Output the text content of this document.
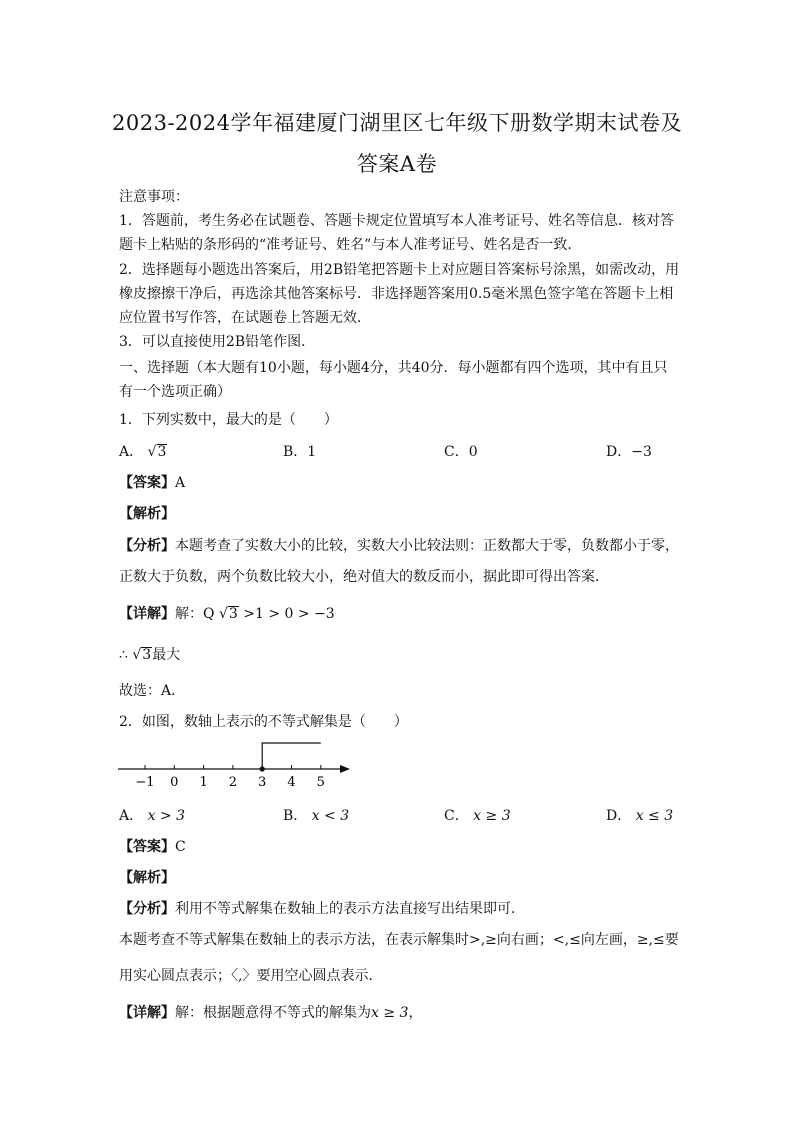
2023-2024学年福建厦门湖里区七年级下册数学期末试卷及
答案A卷
注意事项：
1．答题前，考生务必在试题卷、答题卡规定位置填写本人准考证号、姓名等信息．核对答
题卡上粘贴的条形码的“准考证号、姓名”与本人准考证号、姓名是否一致．
2．选择题每小题选出答案后，用2B铅笔把答题卡上对应题目答案标号涂黑，如需改动，用
橡皮擦擦干净后，再选涂其他答案标号．非选择题答案用0.5毫米黑色签字笔在答题卡上相
应位置书写作答，在试题卷上答题无效．
3．可以直接使用2B铅笔作图．
一、选择题（本大题有10小题，每小题4分，共40分．每小题都有四个选项，其中有且只
有一个选项正确）
1．下列实数中，最大的是（　　）
A． √3	B．1	C．0	D．−3
【答案】A
【解析】
【分析】本题考查了实数大小的比较，实数大小比较法则：正数都大于零，负数都小于零，
正数大于负数，两个负数比较大小，绝对值大的数反而小，据此即可得出答案．
【详解】解：Q √3 >1 > 0 > −3
∴ √3最大
故选：A．
2．如图，数轴上表示的不等式解集是（　　）
−1 0 1 2 3 4 5
A． x > 3	B． x < 3	C． x ≥ 3	D． x ≤ 3
【答案】C
【解析】
【分析】利用不等式解集在数轴上的表示方法直接写出结果即可．
本题考查不等式解集在数轴上的表示方法，在表示解集时>,≥向右画；<,≤向左画，≥,≤要
用实心圆点表示；〈,〉要用空心圆点表示．
【详解】解：根据题意得不等式的解集为x ≥ 3，
